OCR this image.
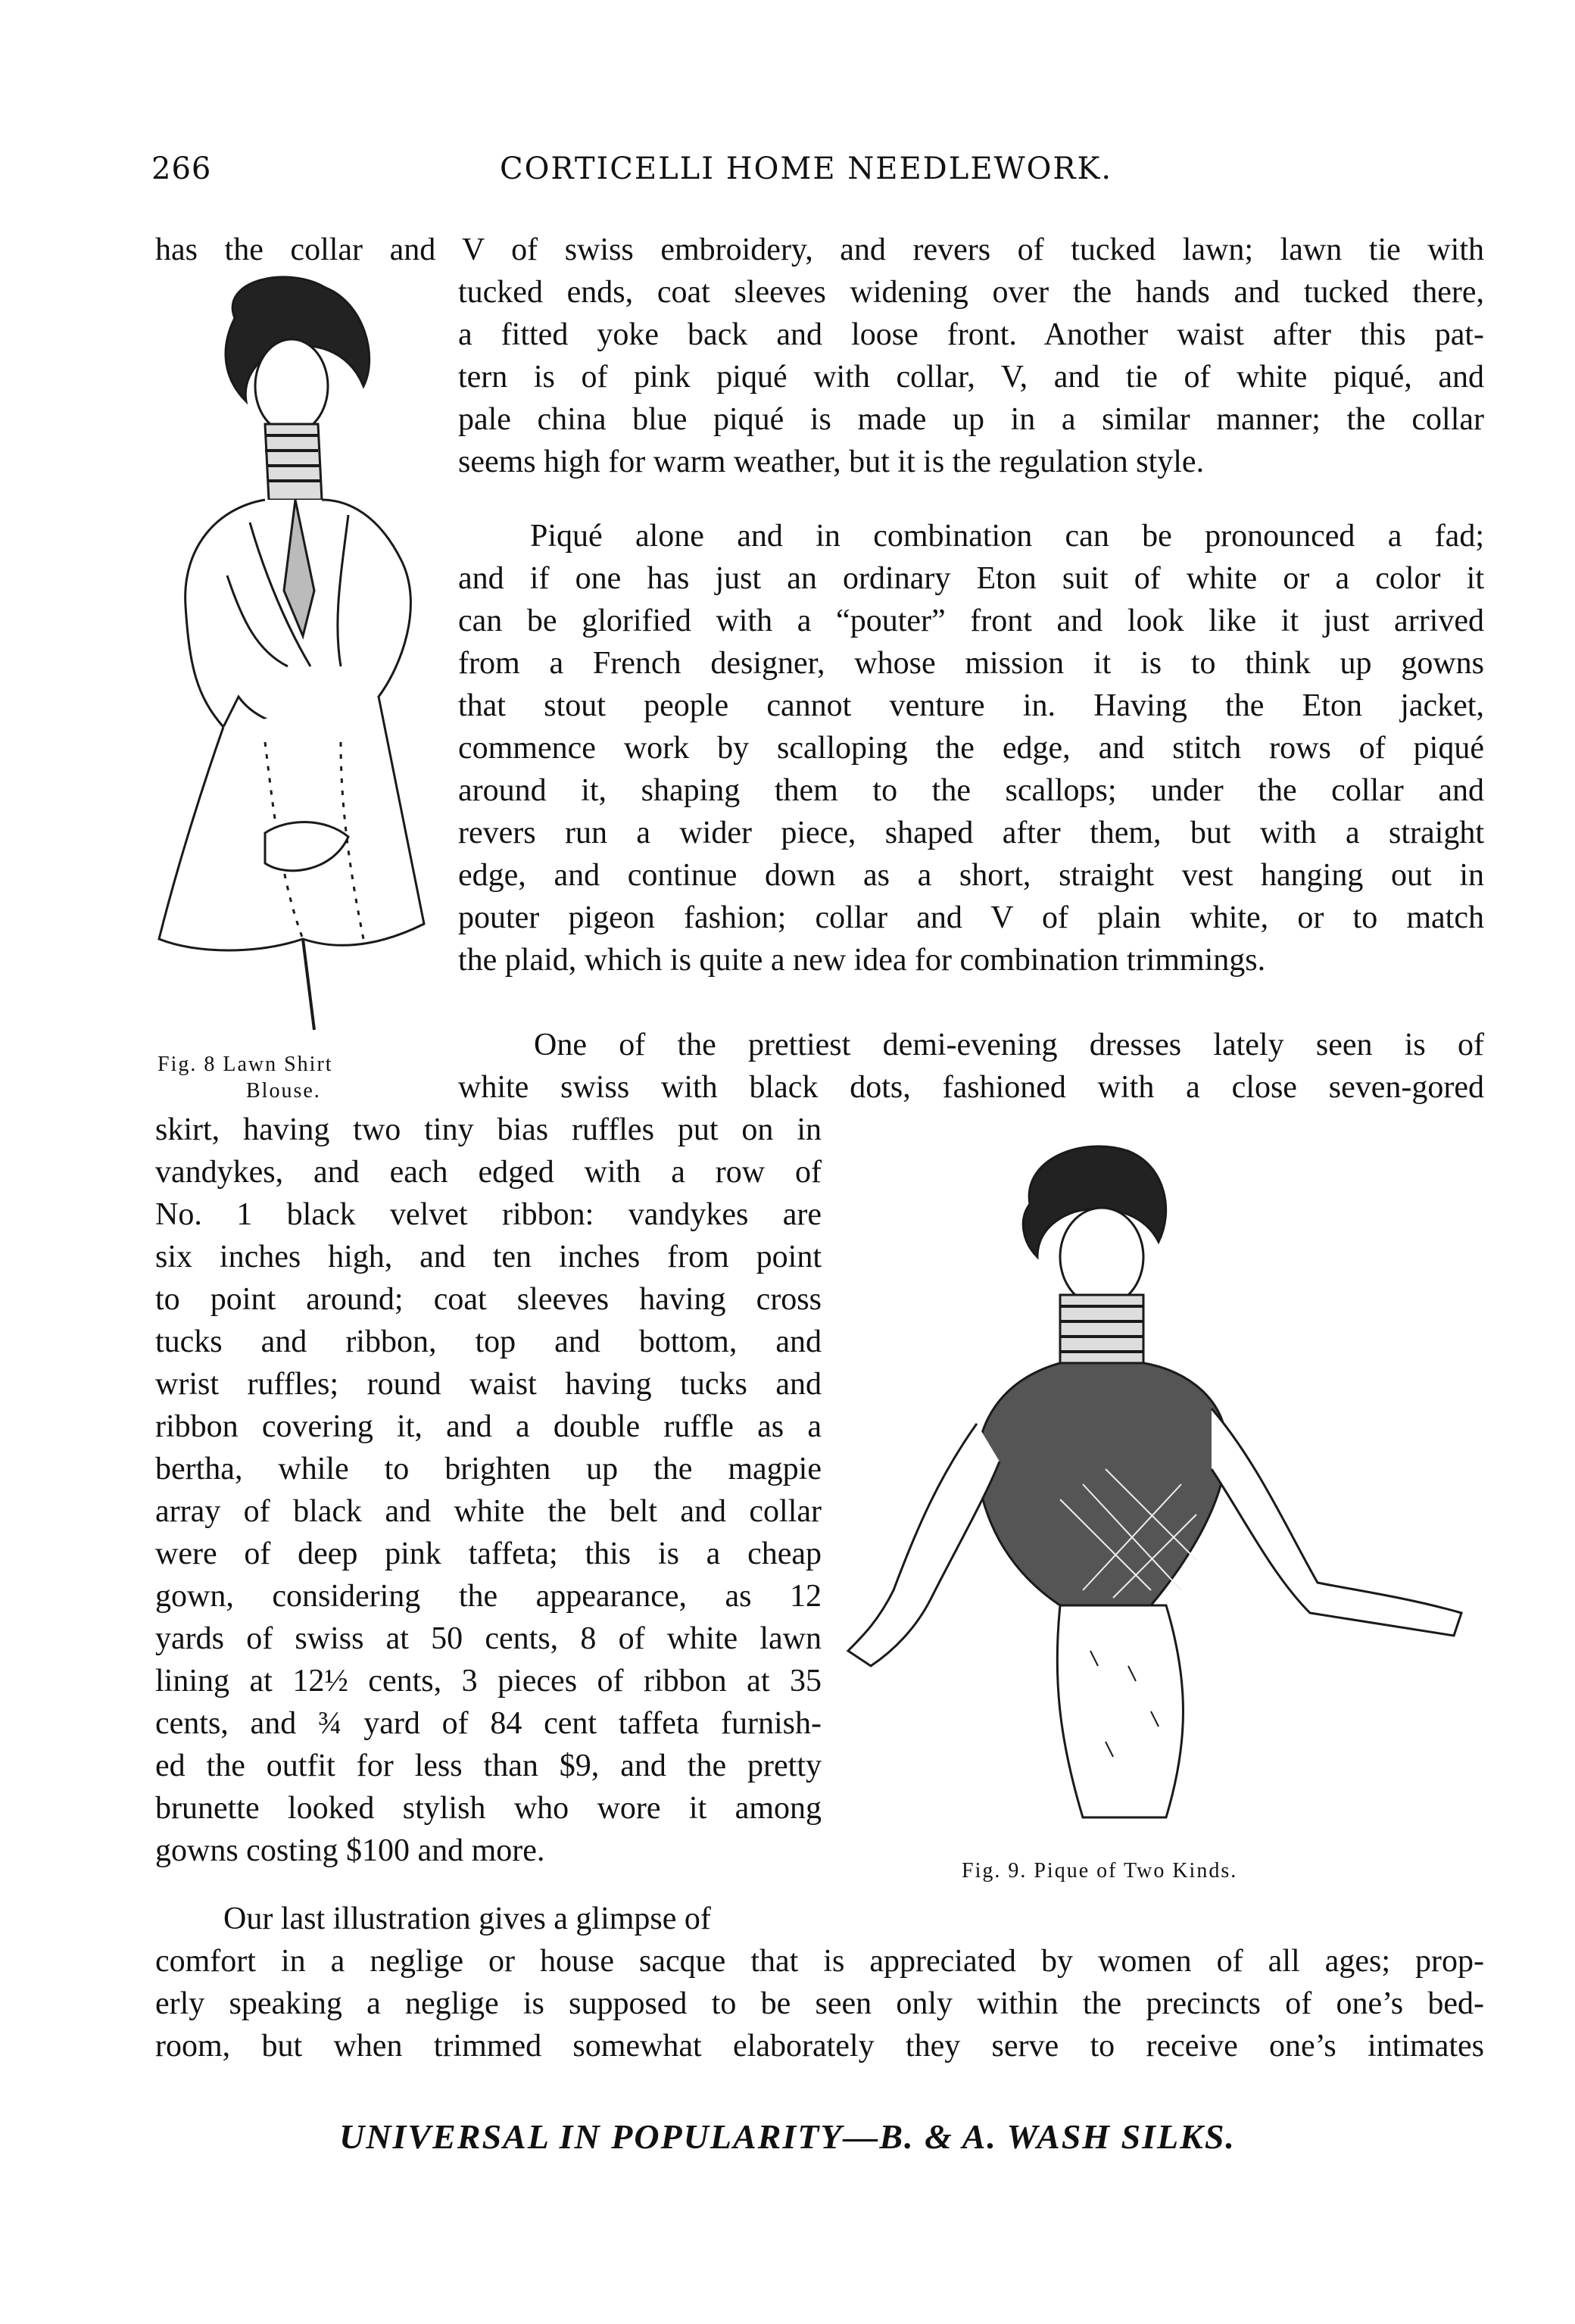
266	CORTICELLI HOME NEEDLEWORK.
Fig. 8 Lawn Shirt
Blouse.
Fig. 9. Pique of Two Kinds.
has the collar and V of swiss embroidery, and revers of tucked lawn; lawn tie with
tucked ends, coat sleeves widening over the hands and tucked there,
a fitted yoke back and loose front. Another waist after this pat-
tern is of pink piqué with collar, V, and tie of white piqué, and
pale china blue piqué is made up in a similar manner; the collar
seems high for warm weather, but it is the regulation style.
Piqué alone and in combination can be pronounced a fad;
and if one has just an ordinary Eton suit of white or a color it
can be glorified with a “pouter” front and look like it just arrived
from a French designer, whose mission it is to think up gowns
that stout people cannot venture in. Having the Eton jacket,
commence work by scalloping the edge, and stitch rows of piqué
around it, shaping them to the scallops; under the collar and
revers run a wider piece, shaped after them, but with a straight
edge, and continue down as a short, straight vest hanging out in
pouter pigeon fashion; collar and V of plain white, or to match
the plaid, which is quite a new idea for combination trimmings.
One of the prettiest demi-evening dresses lately seen is of
white swiss with black dots, fashioned with a close seven-gored
skirt, having two tiny bias ruffles put on in
vandykes, and each edged with a row of
No. 1 black velvet ribbon: vandykes are
six inches high, and ten inches from point
to point around; coat sleeves having cross
tucks and ribbon, top and bottom, and
wrist ruffles; round waist having tucks and
ribbon covering it, and a double ruffle as a
bertha, while to brighten up the magpie
array of black and white the belt and collar
were of deep pink taffeta; this is a cheap
gown, considering the appearance, as 12
yards of swiss at 50 cents, 8 of white lawn
lining at 12½ cents, 3 pieces of ribbon at 35
cents, and ¾ yard of 84 cent taffeta furnish-
ed the outfit for less than $9, and the pretty
brunette looked stylish who wore it among
gowns costing $100 and more.
Our last illustration gives a glimpse of
comfort in a neglige or house sacque that is appreciated by women of all ages; prop-
erly speaking a neglige is supposed to be seen only within the precincts of one’s bed-
room, but when trimmed somewhat elaborately they serve to receive one’s intimates
UNIVERSAL IN POPULARITY—B. & A. WASH SILKS.
